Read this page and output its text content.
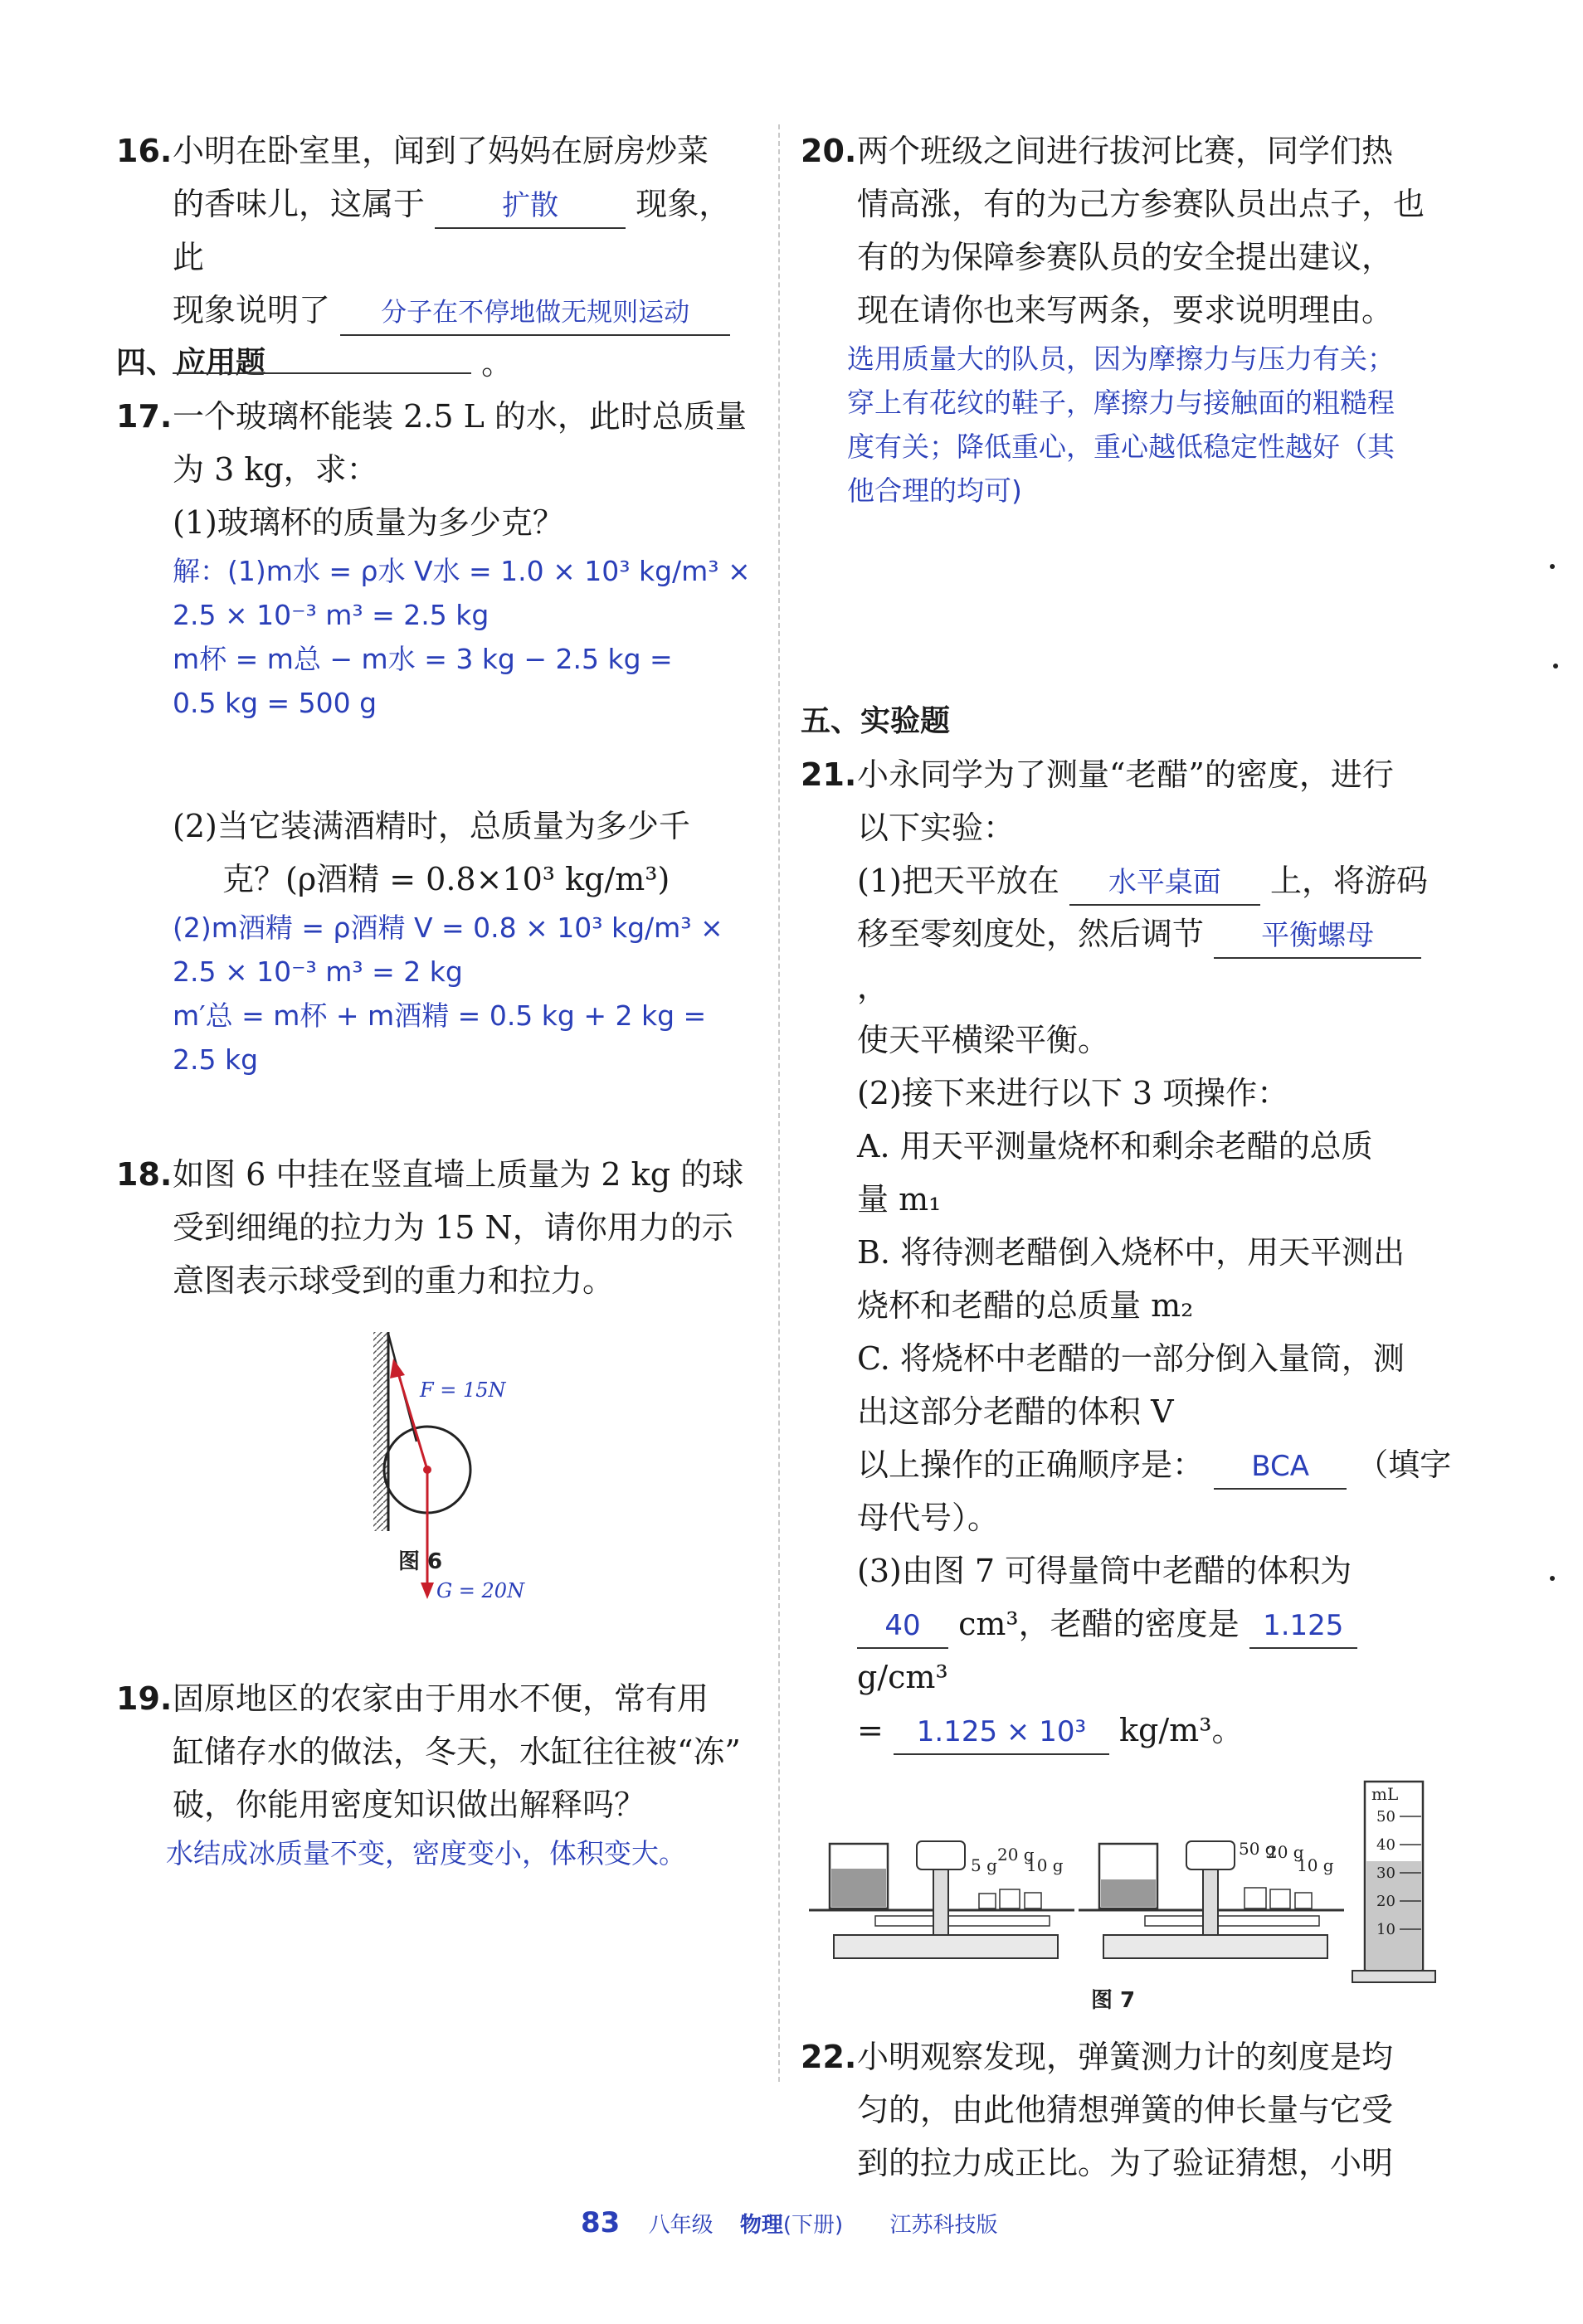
16. 小明在卧室里，闻到了妈妈在厨房炒菜
的香味儿，这属于	扩散 现象，此
现象说明了 分子在不停地做无规则运动
。
四、应用题
17. 一个玻璃杯能装 2.5 L 的水，此时总质量
为 3 kg，求：
(1)玻璃杯的质量为多少克？
解：(1)m水 = ρ水 V水 = 1.0 × 10³ kg/m³ ×
2.5 × 10⁻³ m³ = 2.5 kg
m杯 = m总 − m水 = 3 kg − 2.5 kg =
0.5 kg = 500 g
(2)当它装满酒精时，总质量为多少千
克？(ρ酒精 = 0.8×10³ kg/m³)
(2)m酒精 = ρ酒精 V = 0.8 × 10³ kg/m³ ×
2.5 × 10⁻³ m³ = 2 kg
m′总 = m杯 + m酒精 = 0.5 kg + 2 kg =
2.5 kg
18. 如图 6 中挂在竖直墙上质量为 2 kg 的球
受到细绳的拉力为 15 N，请你用力的示
意图表示球受到的重力和拉力。
F = 15N
图 6
G = 20N
19. 固原地区的农家由于用水不便，常有用
缸储存水的做法，冬天，水缸往往被“冻”
破，你能用密度知识做出解释吗？
水结成冰质量不变，密度变小，体积变大。
20. 两个班级之间进行拔河比赛，同学们热
情高涨，有的为己方参赛队员出点子，也
有的为保障参赛队员的安全提出建议，
现在请你也来写两条，要求说明理由。
选用质量大的队员，因为摩擦力与压力有关；
穿上有花纹的鞋子，摩擦力与接触面的粗糙程
度有关；降低重心，重心越低稳定性越好（其
他合理的均可)
五、实验题
21. 小永同学为了测量“老醋”的密度，进行
以下实验：
(1)把天平放在 水平桌面 上，将游码
移至零刻度处，然后调节 平衡螺母 ，
使天平横梁平衡。
(2)接下来进行以下 3 项操作：
A. 用天平测量烧杯和剩余老醋的总质
量 m₁
B. 将待测老醋倒入烧杯中，用天平测出
烧杯和老醋的总质量 m₂
C. 将烧杯中老醋的一部分倒入量筒，测
出这部分老醋的体积 V
以上操作的正确顺序是： BCA （填字
母代号）。
(3)由图 7 可得量筒中老醋的体积为
40 cm³，老醋的密度是 1.125 g/cm³
= 1.125 × 10³ kg/m³。
5 g
20 g
10 g
50 g
20 g
10 g
mL
50
40
30
20
10
图 7
22. 小明观察发现，弹簧测力计的刻度是均
匀的，由此他猜想弹簧的伸长量与它受
到的拉力成正比。为了验证猜想，小明
83 八年级 物理(下册) 江苏科技版
